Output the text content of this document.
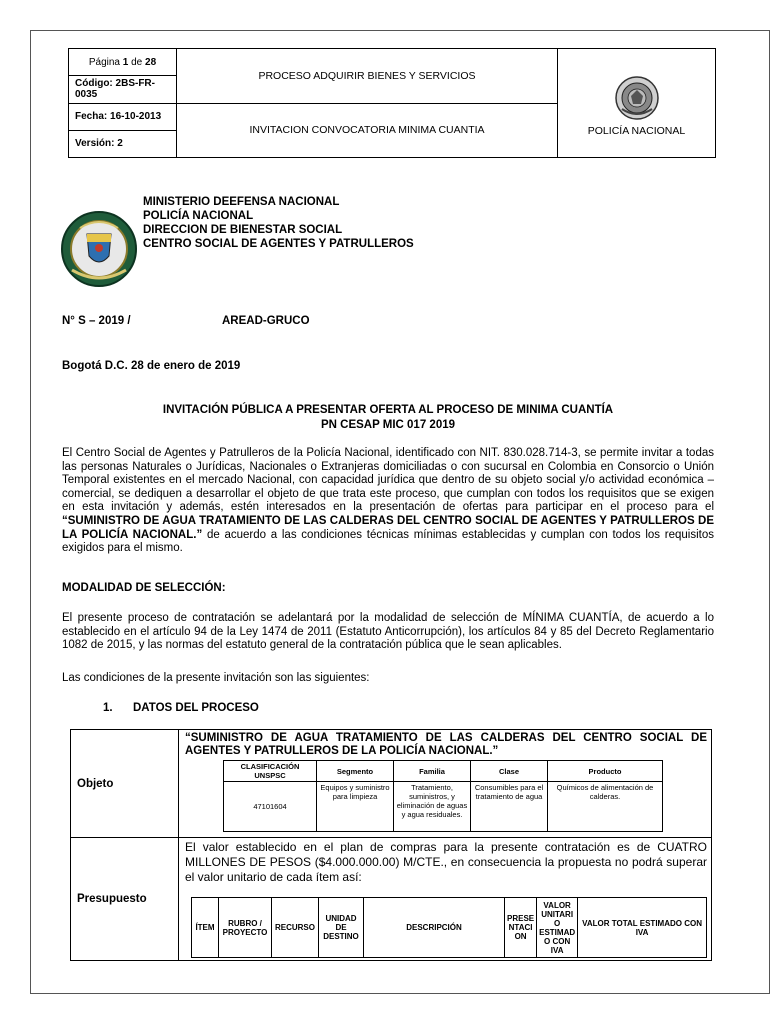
Página 1 de 28	PROCESO ADQUIRIR BIENES Y SERVICIOS	POLICÍA NACIONAL
Código: 2BS-FR-0035		
Fecha: 16-10-2013	INVITACION CONVOCATORIA MINIMA CUANTIA	
Versión: 2		
MINISTERIO DEEFENSA NACIONAL
POLICÍA NACIONAL
DIRECCION DE BIENESTAR SOCIAL
CENTRO SOCIAL DE AGENTES Y PATRULLEROS
N° S – 2019 /	AREAD-GRUCO
Bogotá D.C. 28 de enero de 2019
INVITACIÓN PÚBLICA A PRESENTAR OFERTA AL PROCESO DE MINIMA CUANTÍA
PN CESAP MIC 017 2019
El Centro Social de Agentes y Patrulleros de la Policía Nacional, identificado con NIT. 830.028.714-3, se permite invitar a todas las personas Naturales o Jurídicas, Nacionales o Extranjeras domiciliadas o con sucursal en Colombia en Consorcio o Unión Temporal existentes en el mercado Nacional, con capacidad jurídica que dentro de su objeto social y/o actividad económica – comercial, se dediquen a desarrollar el objeto de que trata este proceso, que cumplan con todos los requisitos que se exigen en esta invitación y además, estén interesados en la presentación de ofertas para participar en el proceso para el “SUMINISTRO DE AGUA TRATAMIENTO DE LAS CALDERAS DEL CENTRO SOCIAL DE AGENTES Y PATRULLEROS DE LA POLICÍA NACIONAL.” de acuerdo a las condiciones técnicas mínimas establecidas y cumplan con todos los requisitos exigidos para el mismo.
MODALIDAD DE SELECCIÓN:
El presente proceso de contratación se adelantará por la modalidad de selección de MÍNIMA CUANTÍA, de acuerdo a lo establecido en el artículo 94 de la Ley 1474 de 2011 (Estatuto Anticorrupción), los artículos 84 y 85 del Decreto Reglamentario 1082 de 2015, y las normas del estatuto general de la contratación pública que le sean aplicables.
Las condiciones de la presente invitación son las siguientes:
1. DATOS DEL PROCESO
Objeto	
“SUMINISTRO DE AGUA TRATAMIENTO DE LAS CALDERAS DEL CENTRO SOCIAL DE AGENTES Y PATRULLEROS DE LA POLICÍA NACIONAL.”
CLASIFICACIÓN UNSPSC	Segmento	Familia	Clase	Producto
47101604	Equipos y suministro para limpieza	Tratamiento, suministros, y eliminación de aguas y agua residuales.	Consumibles para el tratamiento de agua	Químicos de alimentación de calderas.

Presupuesto	
El valor establecido en el plan de compras para la presente contratación es de CUATRO MILLONES DE PESOS ($4.000.000.00) M/CTE., en consecuencia la propuesta no podrá superar el valor unitario de cada ítem así:
ÍTEM	RUBRO / PROYECTO	RECURSO	UNIDAD DE DESTINO	DESCRIPCIÓN	PRESE NTACI ON	VALOR UNITARI O ESTIMAD O CON IVA	VALOR TOTAL ESTIMADO CON IVA
